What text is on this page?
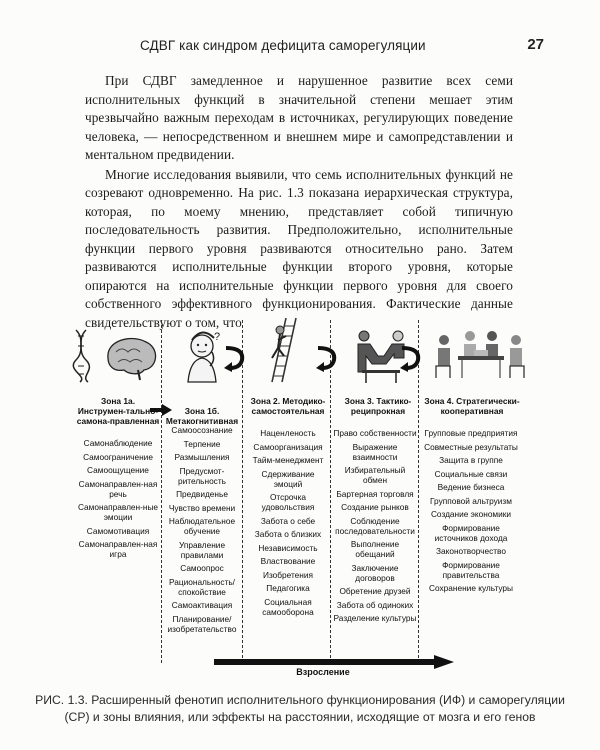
СДВГ как синдром дефицита саморегуляции	27

При СДВГ замедленное и нарушенное развитие всех семи исполнительных функций в значительной степени мешает этим чрезвычайно важным переходам в источниках, регулирующих поведение человека, — непосредственном и внешнем мире и самопредставлении и ментальном предвидении.

Многие исследования выявили, что семь исполнительных функций не созревают одновременно. На рис. 1.3 показана иерархическая структура, которая, по моему мнению, представляет собой типичную последовательность развития. Предположительно, исполнительные функции первого уровня развиваются относительно рано. Затем развиваются исполнительные функции второго уровня, которые опираются на исполнительные функции первого уровня для своего собственного эффективного функционирования. Фактические данные свидетельствуют о том, что

?
Зона 1а. Инструмен-тально-самона-правленная
Зона 1б. Метакогнитивная
Зона 2. Методико-самостоятельная
Зона 3. Тактико-реципрокная
Зона 4. Стратегически-кооперативная
Самонаблюдение
Самоограничение
Самоощущение
Самонаправлен-ная речь
Самонаправлен-ные эмоции
Самомотивация
Самонаправлен-ная игра
Самоосознание
Терпение
Размышления
Предусмот-рительность
Предвиденье
Чувство времени
Наблюдательное обучение
Управление правилами
Самоопрос
Рациональность/ спокойствие
Самоактивация
Планирование/ изобретательство
Наценленость
Самоорганизация
Тайм-менеджмент
Сдерживание эмоций
Отсрочка удовольствия
Забота о себе
Забота о близких
Независимость
Властвование
Изобретения
Педагогика
Социальная самооборона
Право собственности
Выражение взаимности
Избирательный обмен
Бартерная торговля
Создание рынков
Соблюдение последовательности
Выполнение обещаний
Заключение договоров
Обретение друзей
Забота об одиноких
Разделение культуры
Групповые предприятия
Совместные результаты
Защита в группе
Социальные связи
Ведение бизнеса
Групповой альтруизм
Создание экономики
Формирование источников дохода
Законотворчество
Формирование правительства
Сохранение культуры
Взросление
РИС. 1.3. Расширенный фенотип исполнительного функционирования (ИФ) и саморегуляции (СР) и зоны влияния, или эффекты на расстоянии, исходящие от мозга и его генов
